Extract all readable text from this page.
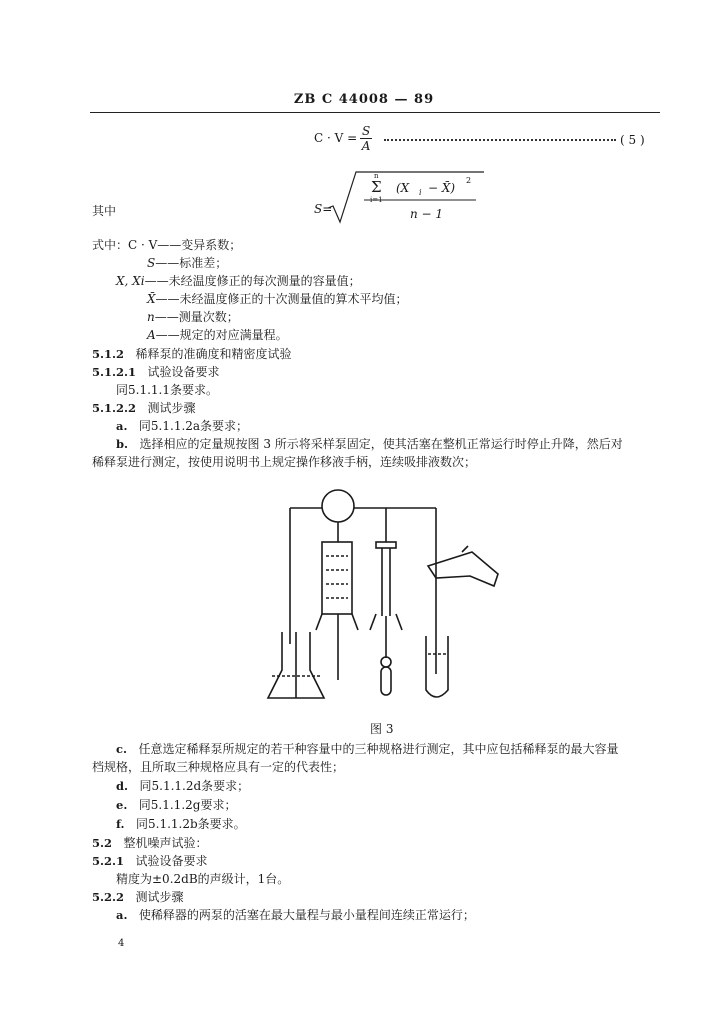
ZB C 44008 — 89
$C \cdot V = \frac{S}{A}$	( 5 )
其中	S=
n
Σ
i=1
(X i − X̄)
2
n − 1
式中： C · V——变异系数；
S——标准差；
X, Xi——未经温度修正的每次测量的容量值；
X̄——未经温度修正的十次测量值的算术平均值；
n——测量次数；
A——规定的对应满量程。
5.1.2 稀释泵的准确度和精密度试验
5.1.2.1 试验设备要求
同5.1.1.1条要求。
5.1.2.2 测试步骤
a. 同5.1.1.2a条要求；
b. 选择相应的定量规按图 3 所示将采样泵固定，使其活塞在整机正常运行时停止升降，然后对
稀释泵进行测定，按使用说明书上规定操作移液手柄，连续吸排液数次；
图 3
c. 任意选定稀释泵所规定的若干种容量中的三种规格进行测定，其中应包括稀释泵的最大容量
档规格，且所取三种规格应具有一定的代表性；
d. 同5.1.1.2d条要求；
e. 同5.1.1.2g要求；
f. 同5.1.1.2b条要求。
5.2 整机噪声试验：
5.2.1 试验设备要求
精度为±0.2dB的声级计，1台。
5.2.2 测试步骤
a. 使稀释器的两泵的活塞在最大量程与最小量程间连续正常运行；
4
